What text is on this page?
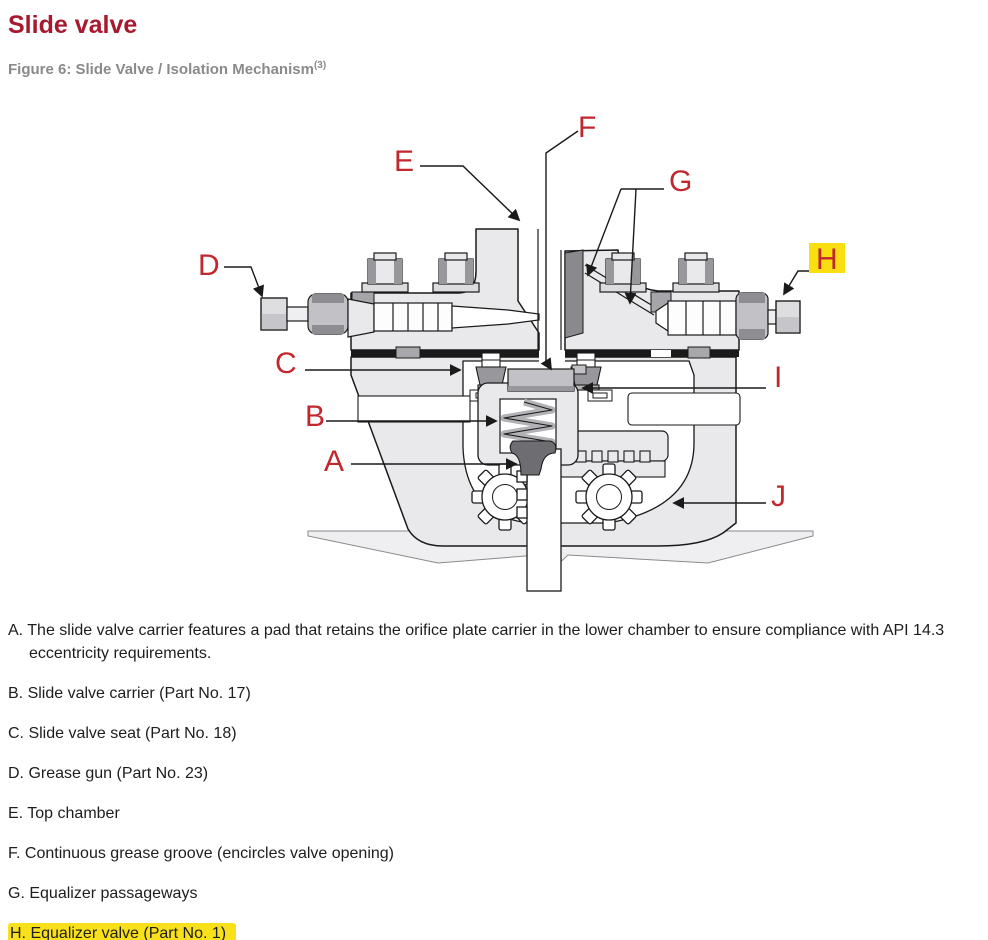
Slide valve
Figure 6: Slide Valve / Isolation Mechanism$^{(3)}$
D
E
F
G
H
C
B
A
I
J
A. The slide valve carrier features a pad that retains the orifice plate carrier in the lower chamber to ensure compliance with API 14.3 eccentricity requirements.
B. Slide valve carrier (Part No. 17)
C. Slide valve seat (Part No. 18)
D. Grease gun (Part No. 23)
E. Top chamber
F. Continuous grease groove (encircles valve opening)
G. Equalizer passageways
H. Equalizer valve (Part No. 1)
